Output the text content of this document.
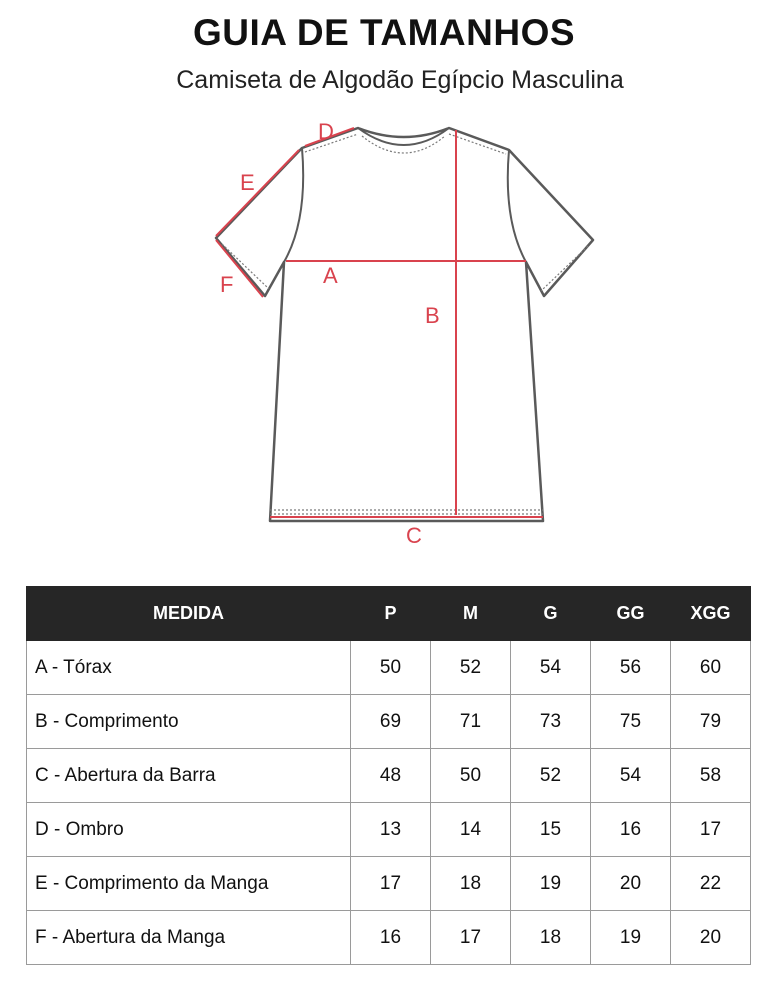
GUIA DE TAMANHOS
Camiseta de Algodão Egípcio Masculina
A
B
C
D
E
F
MEDIDA	P	M	G	GG	XGG
A - Tórax	50	52	54	56	60
B - Comprimento	69	71	73	75	79
C - Abertura da Barra	48	50	52	54	58
D - Ombro	13	14	15	16	17
E - Comprimento da Manga	17	18	19	20	22
F - Abertura da Manga	16	17	18	19	20
